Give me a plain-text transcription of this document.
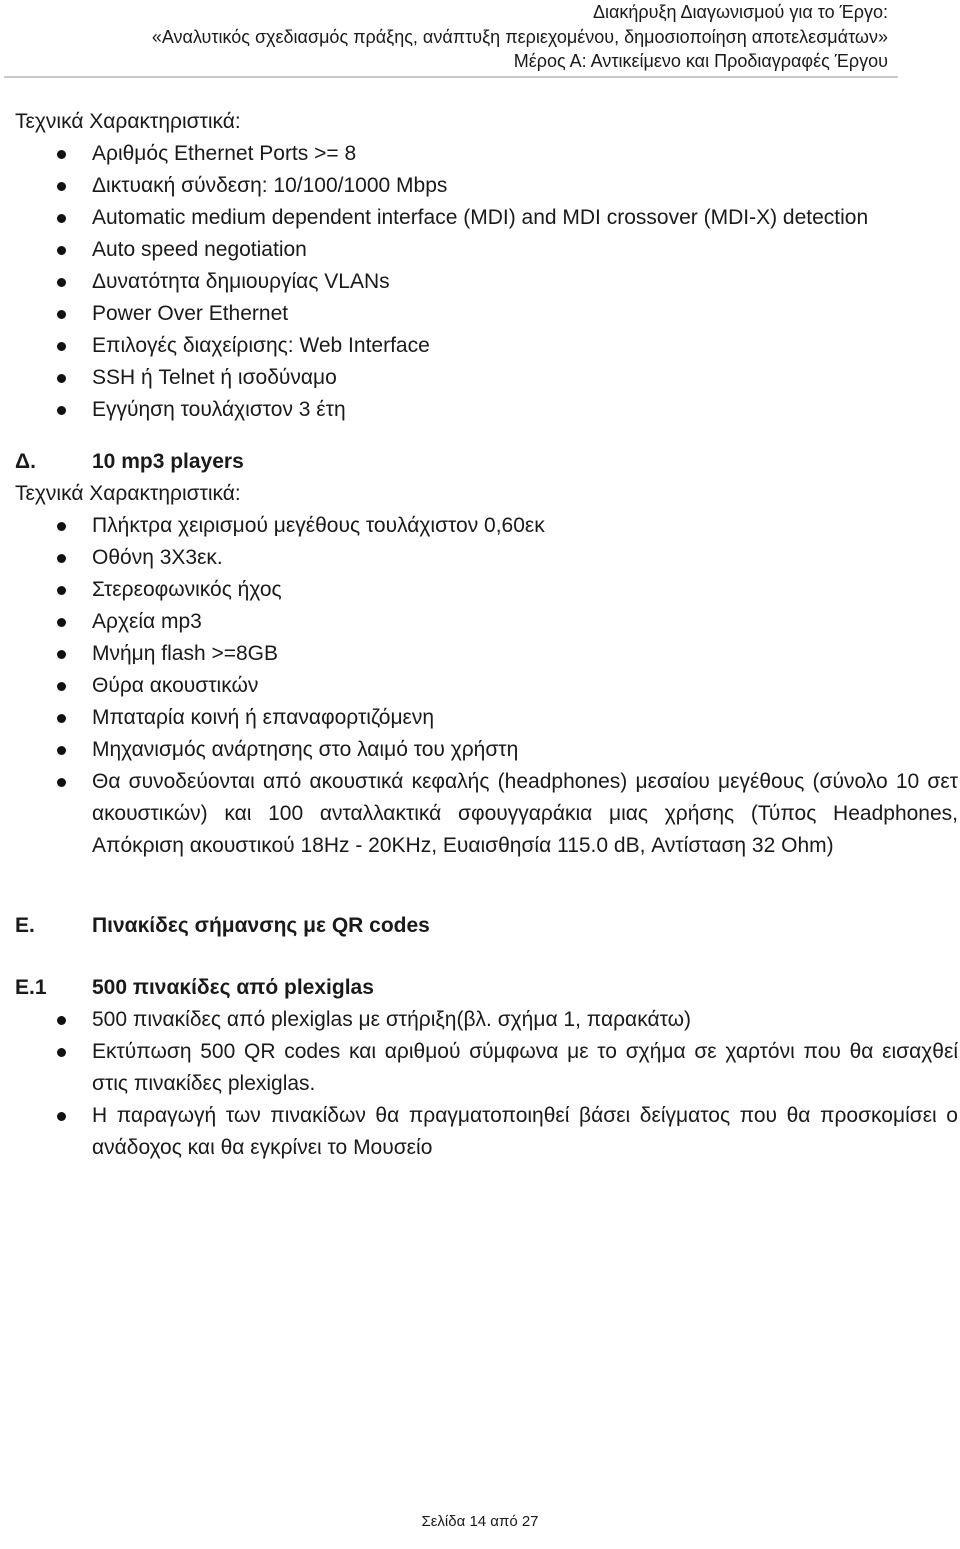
Διακήρυξη Διαγωνισμού για το Έργο:
«Αναλυτικός σχεδιασμός πράξης, ανάπτυξη περιεχομένου, δημοσιοποίηση αποτελεσμάτων»
Μέρος Α: Αντικείμενο και Προδιαγραφές Έργου

Τεχνικά Χαρακτηριστικά:

Αριθμός Ethernet Ports >= 8
Δικτυακή σύνδεση: 10/100/1000 Mbps
Automatic medium dependent interface (MDI) and MDI crossover (MDI-X) detection
Auto speed negotiation
Δυνατότητα δημιουργίας VLANs
Power Over Ethernet
Επιλογές διαχείρισης: Web Interface
SSH ή Telnet ή ισοδύναμο
Εγγύηση τουλάχιστον 3 έτη

Δ.	10 mp3 players

Τεχνικά Χαρακτηριστικά:

Πλήκτρα χειρισμού μεγέθους τουλάχιστον 0,60εκ
Οθόνη 3Χ3εκ.
Στερεοφωνικός ήχος
Αρχεία mp3
Μνήμη flash >=8GB
Θύρα ακουστικών
Μπαταρία κοινή ή επαναφορτιζόμενη
Μηχανισμός ανάρτησης στο λαιμό του χρήστη
Θα συνοδεύονται από ακουστικά κεφαλής (headphones) μεσαίου μεγέθους (σύνολο 10 σετ ακουστικών) και 100 ανταλλακτικά σφουγγαράκια μιας χρήσης (Τύπος Headphones, Απόκριση ακουστικού 18Hz - 20KHz, Ευαισθησία 115.0 dB, Αντίσταση 32 Ohm)

Ε.	Πινακίδες σήμανσης με QR codes

Ε.1 500 πινακίδες από plexiglas

500 πινακίδες από plexiglas με στήριξη(βλ. σχήμα 1, παρακάτω)
Εκτύπωση 500 QR codes και αριθμού σύμφωνα με το σχήμα σε χαρτόνι που θα εισαχθεί στις πινακίδες plexiglas.
Η παραγωγή των πινακίδων θα πραγματοποιηθεί βάσει δείγματος που θα προσκομίσει ο ανάδοχος και θα εγκρίνει το Μουσείο
Σελίδα 14 από 27
